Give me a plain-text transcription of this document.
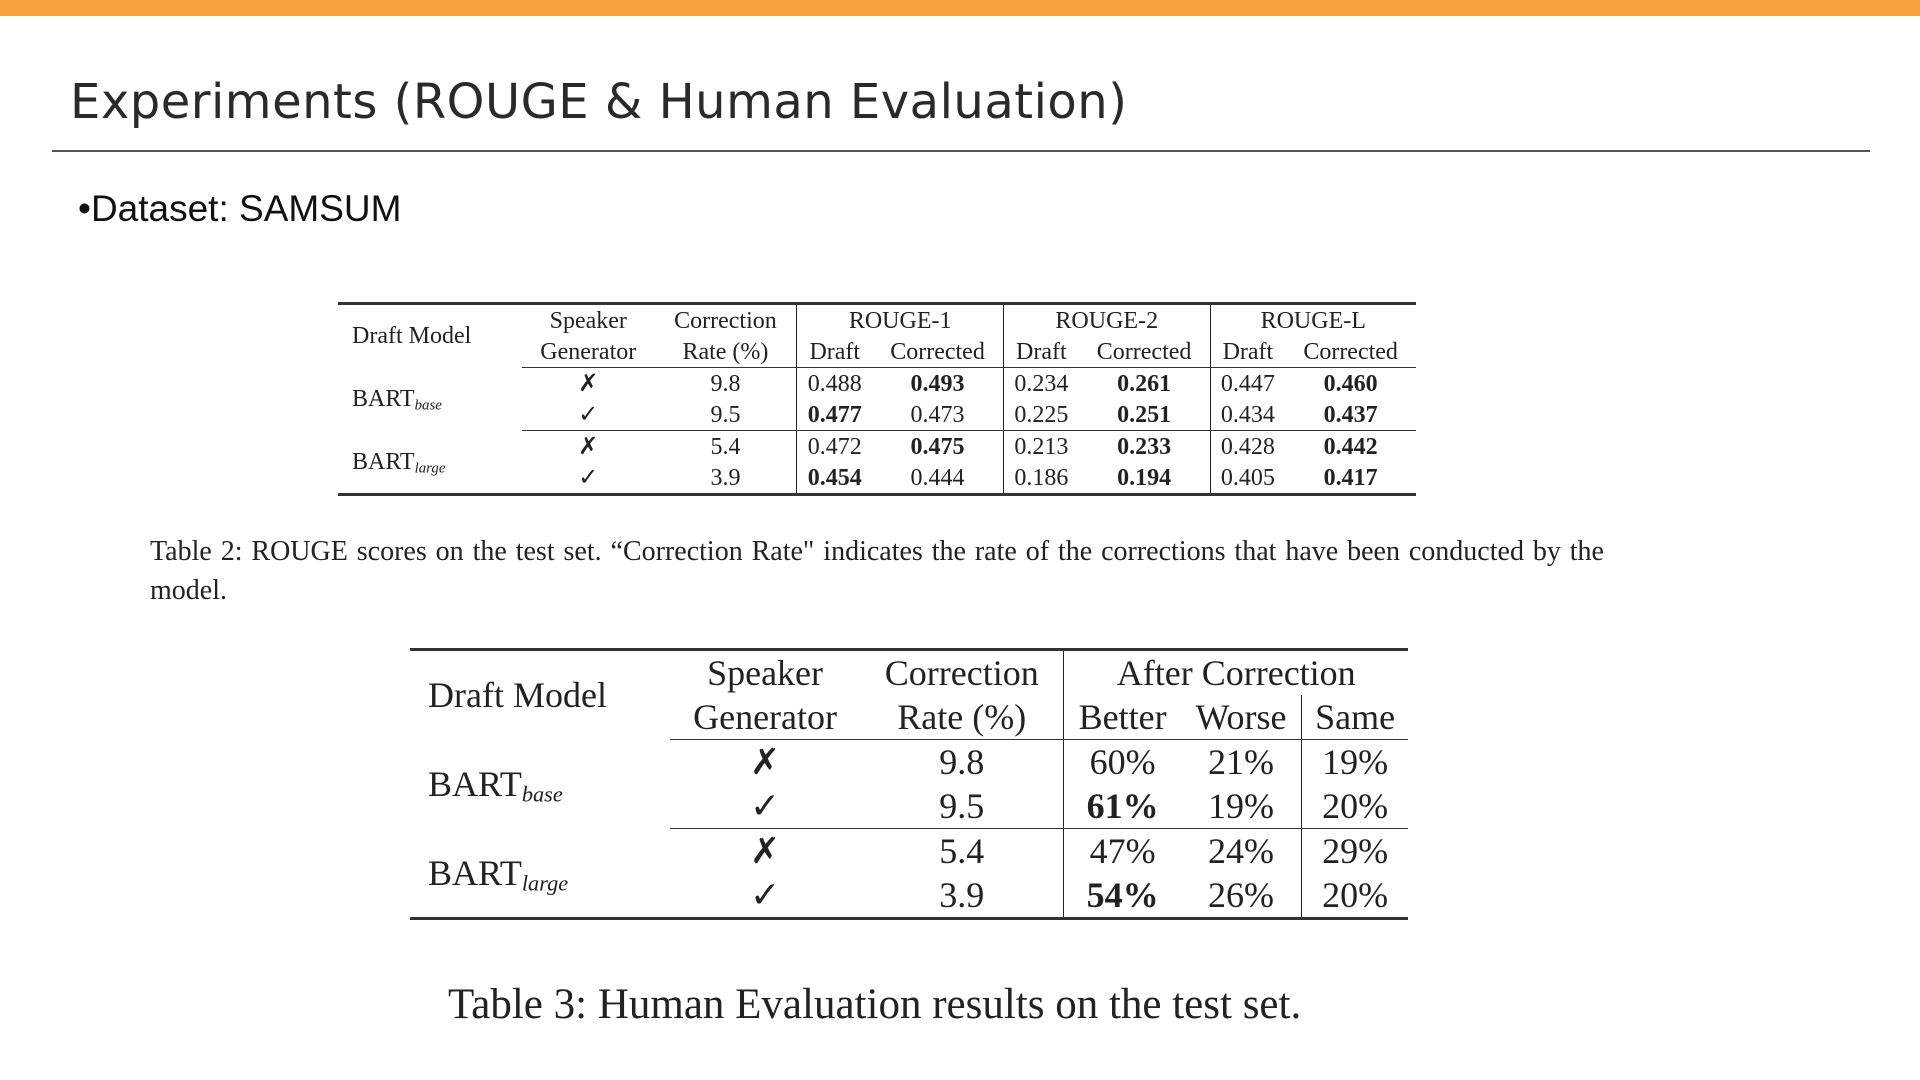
Experiments (ROUGE & Human Evaluation)
•Dataset: SAMSUM
Draft Model	Speaker	Correction	ROUGE-1		ROUGE-2		ROUGE-L	
	Generator	Rate (%)	Draft	Corrected	Draft	Corrected	Draft	Corrected
$BART_{base}$	✗	9.8	0.488	0.493	0.234	0.261	0.447	0.460
	✓	9.5	0.477	0.473	0.225	0.251	0.434	0.437
$BART_{large}$	✗	5.4	0.472	0.475	0.213	0.233	0.428	0.442
	✓	3.9	0.454	0.444	0.186	0.194	0.405	0.417
Table 2: ROUGE scores on the test set. “Correction Rate" indicates the rate of the corrections that have been conducted by the model.
Draft Model	Speaker	Correction	After Correction		
	Generator	Rate (%)	Better	Worse	Same
$BART_{base}$	✗	9.8	60%	21%	19%
	✓	9.5	61%	19%	20%
$BART_{large}$	✗	5.4	47%	24%	29%
	✓	3.9	54%	26%	20%
Table 3: Human Evaluation results on the test set.
